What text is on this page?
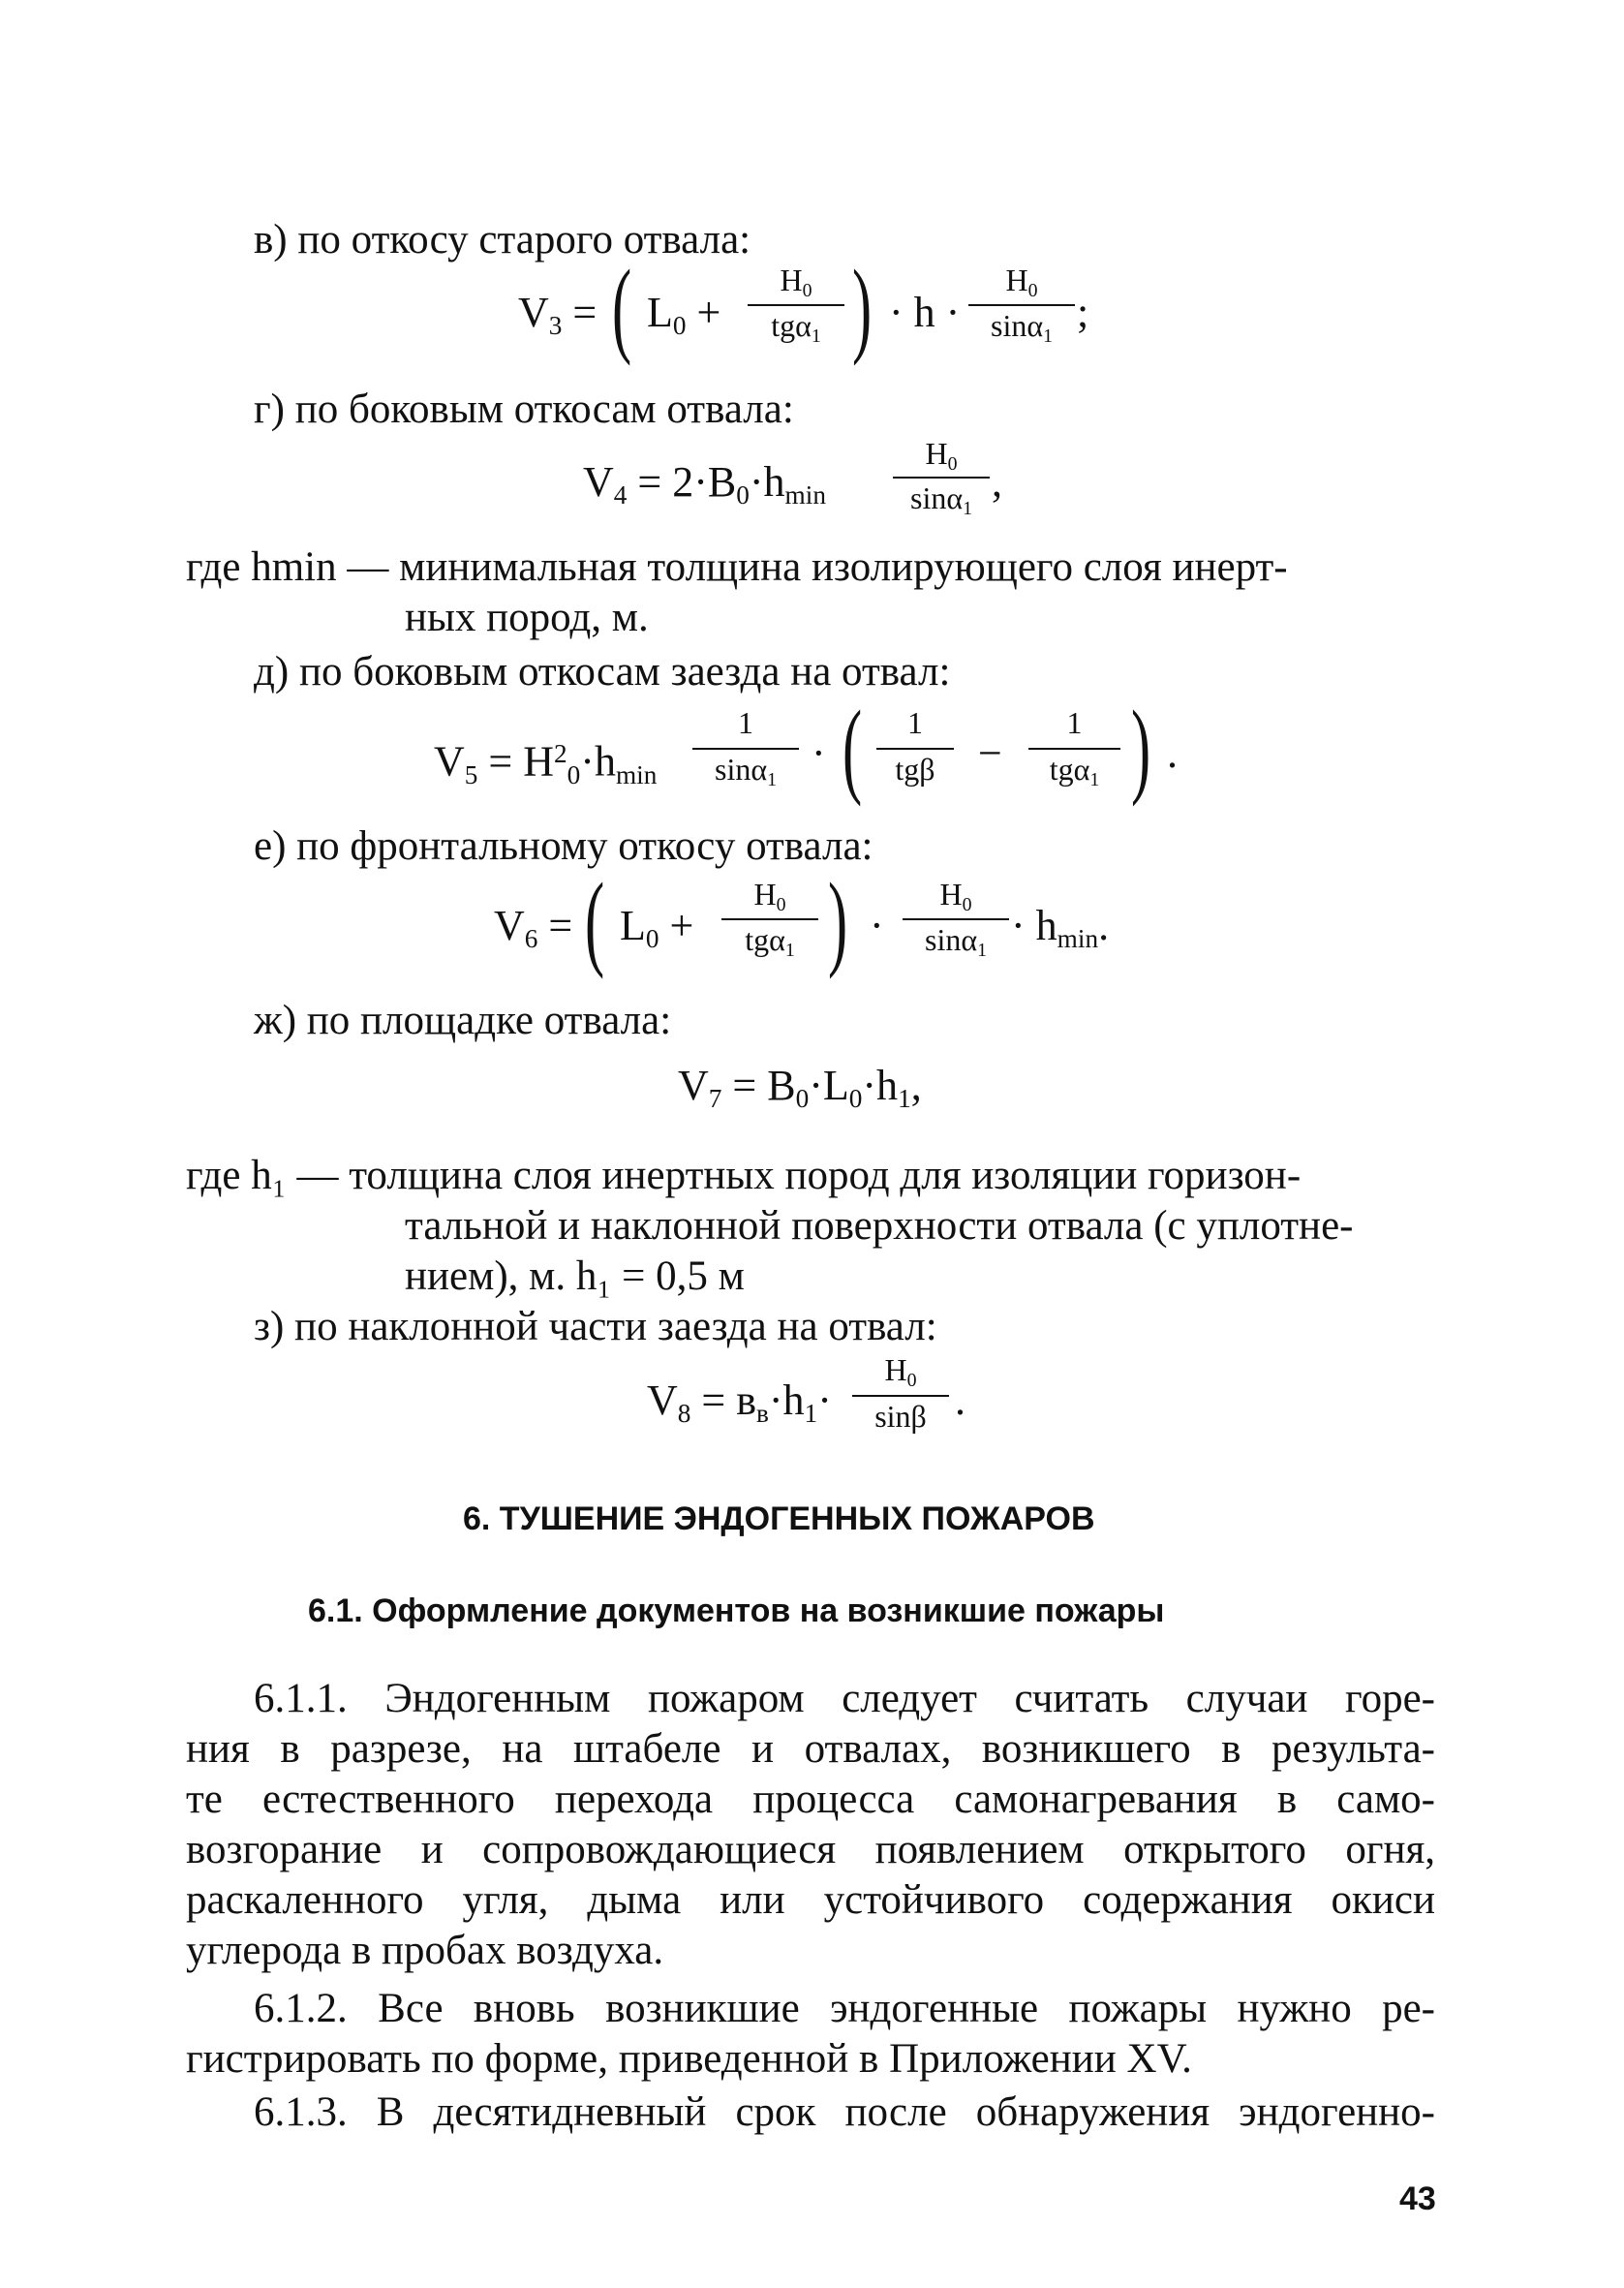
в) по откосу старого отвала:
$V_3$ = ( $L_0$ +
$H_0$
tgα$_1$ ) · h ·
$H_0$
sinα$_1$ ;
г) по боковым откосам отвала:
$V_4 = 2\cdot B_0\cdot h_{min}$
$H_0$
sinα$_1$
,
где hmin — минимальная толщина изолирующего слоя инерт-
ных пород, м.
д) по боковым откосам заезда на отвал:
$V_5 = H^2_0\cdot h_{min}$
1
sinα$_1$
· (	1
tgβ	−
1
tgα$_1$ ) .
е) по фронтальному откосу отвала:
$V_6$ = ( $L_0$ +
$H_0$
tgα$_1$ ) ·
$H_0$
sinα$_1$
· $h_{min}$.
ж) по площадке отвала:
$V_7 = B_0\cdot L_0\cdot h_1$,
где h₁ — толщина слоя инертных пород для изоляции горизон-
тальной и наклонной поверхности отвала (с уплотне-
нием), м. h₁ = 0,5 м
з) по наклонной части заезда на отвал:
$V_8 = в_в\cdot h_1\cdot$
$H_0$
sinβ .
6. ТУШЕНИЕ ЭНДОГЕННЫХ ПОЖАРОВ
6.1. Оформление документов на возникшие пожары
6.1.1. Эндогенным пожаром следует считать случаи горе-
ния в разрезе, на штабеле и отвалах, возникшего в результа-
те естественного перехода процесса самонагревания в само-
возгорание и сопровождающиеся появлением открытого огня,
раскаленного угля, дыма или устойчивого содержания окиси
углерода в пробах воздуха.
6.1.2. Все вновь возникшие эндогенные пожары нужно ре-
гистрировать по форме, приведенной в Приложении XV.
6.1.3. В десятидневный срок после обнаружения эндогенно-
43
